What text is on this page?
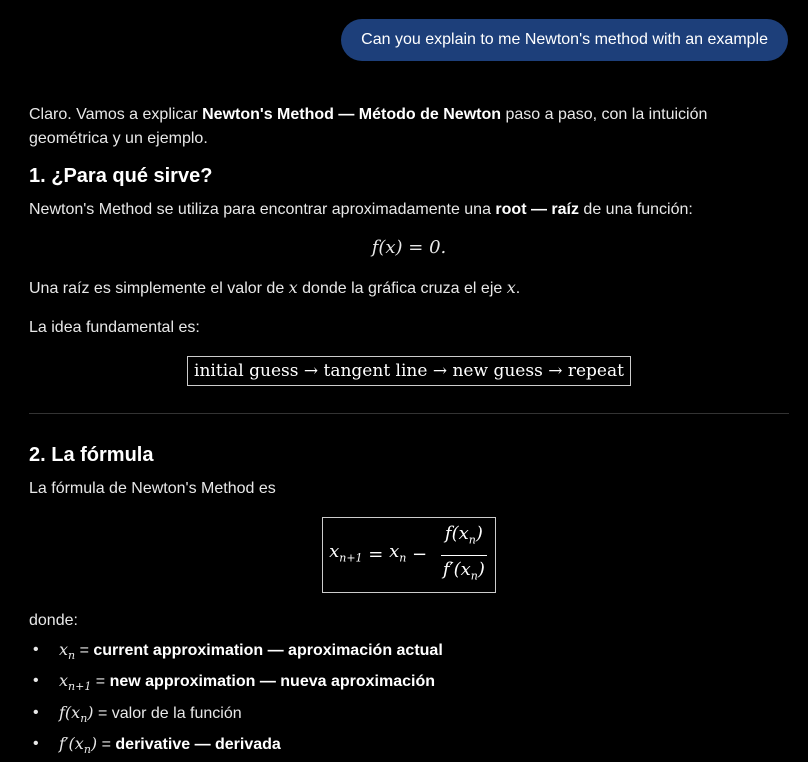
Can you explain to me Newton's method with an example

Claro. Vamos a explicar Newton's Method — Método de Newton paso a paso, con la intuición geométrica y un ejemplo.

1. ¿Para qué sirve?

Newton's Method se utiliza para encontrar aproximadamente una root — raíz de una función:

f(x) = 0.

Una raíz es simplemente el valor de x donde la gráfica cruza el eje x.

La idea fundamental es:

initial guess → tangent line → new guess → repeat
2. La fórmula

La fórmula de Newton's Method es

$x_{n+1} = x_n - \frac{f(x_n)}{f'(x_n)}$

donde:

• $x_n$ = current approximation — aproximación actual
• $x_{n+1}$ = new approximation — nueva aproximación
• $f(x_n)$ = valor de la función
• $f'(x_n)$ = derivative — derivada
